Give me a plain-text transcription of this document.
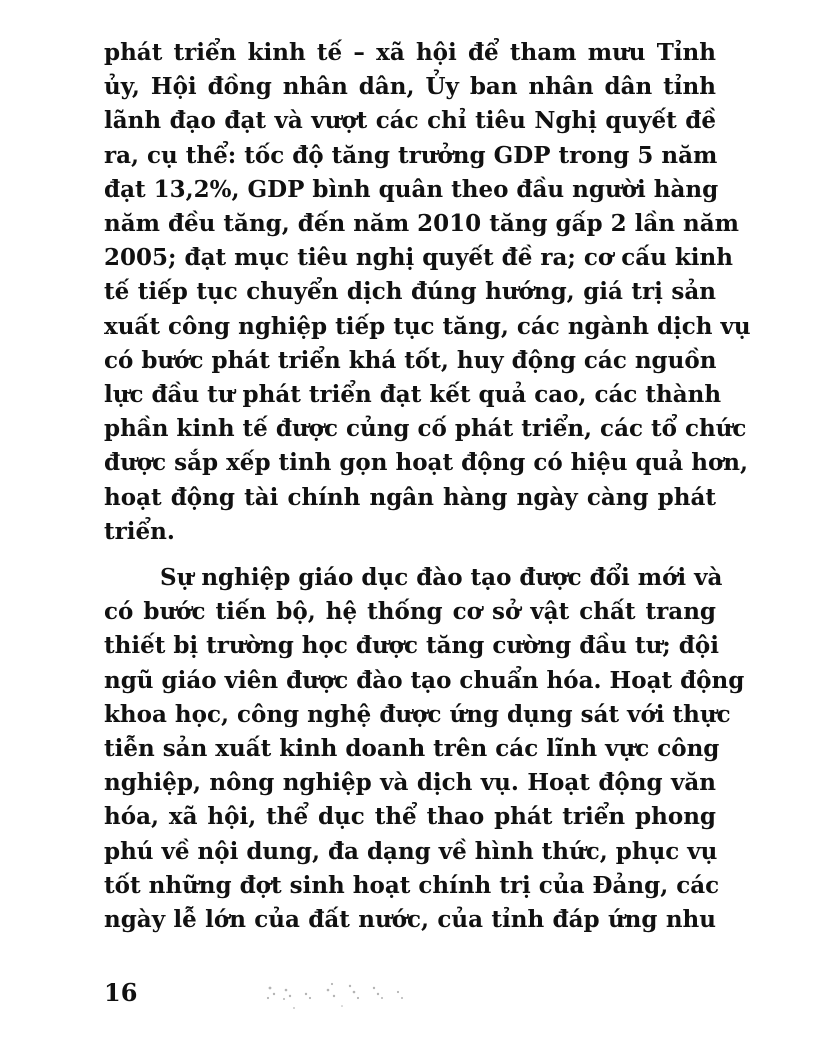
phát triển kinh tế – xã hội để tham mưu Tỉnh
ủy, Hội đồng nhân dân, Ủy ban nhân dân tỉnh
lãnh đạo đạt và vượt các chỉ tiêu Nghị quyết đề
ra, cụ thể: tốc độ tăng trưởng GDP trong 5 năm
đạt 13,2%, GDP bình quân theo đầu người hàng
năm đều tăng, đến năm 2010 tăng gấp 2 lần năm
2005; đạt mục tiêu nghị quyết đề ra; cơ cấu kinh
tế tiếp tục chuyển dịch đúng hướng, giá trị sản
xuất công nghiệp tiếp tục tăng, các ngành dịch vụ
có bước phát triển khá tốt, huy động các nguồn
lực đầu tư phát triển đạt kết quả cao, các thành
phần kinh tế được củng cố phát triển, các tổ chức
được sắp xếp tinh gọn hoạt động có hiệu quả hơn,
hoạt động tài chính ngân hàng ngày càng phát
triển.
Sự nghiệp giáo dục đào tạo được đổi mới và
có bước tiến bộ, hệ thống cơ sở vật chất trang
thiết bị trường học được tăng cường đầu tư; đội
ngũ giáo viên được đào tạo chuẩn hóa. Hoạt động
khoa học, công nghệ được ứng dụng sát với thực
tiễn sản xuất kinh doanh trên các lĩnh vực công
nghiệp, nông nghiệp và dịch vụ. Hoạt động văn
hóa, xã hội, thể dục thể thao phát triển phong
phú về nội dung, đa dạng về hình thức, phục vụ
tốt những đợt sinh hoạt chính trị của Đảng, các
ngày lễ lớn của đất nước, của tỉnh đáp ứng nhu
16
